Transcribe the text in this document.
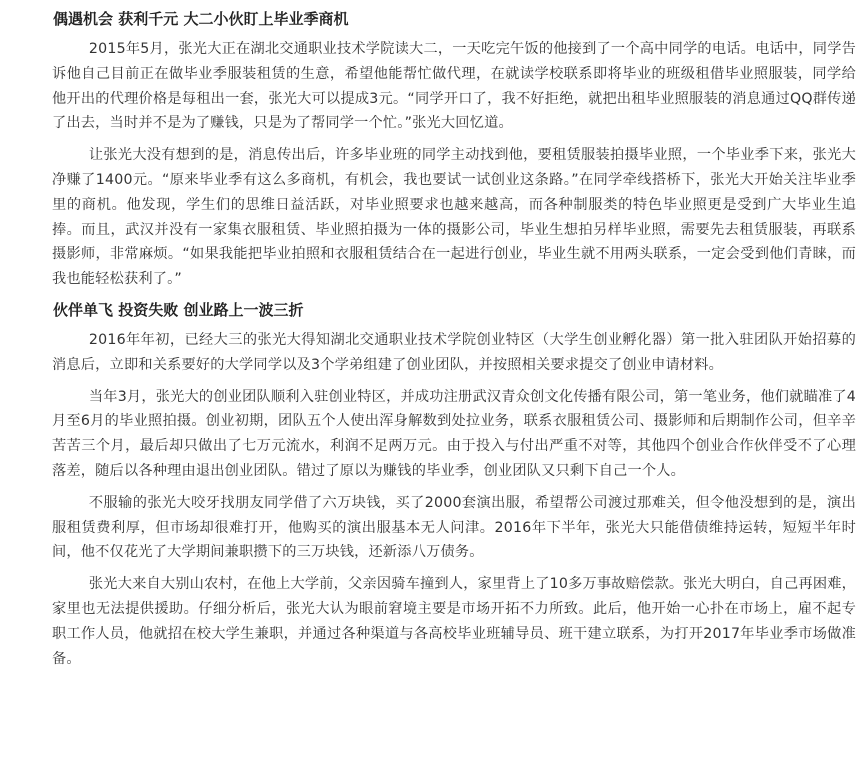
偶遇机会 获利千元 大二小伙盯上毕业季商机

2015年5月，张光大正在湖北交通职业技术学院读大二，一天吃完午饭的他接到了一个高中同学的电话。电话中，同学告诉他自己目前正在做毕业季服装租赁的生意，希望他能帮忙做代理，在就读学校联系即将毕业的班级租借毕业照服装，同学给他开出的代理价格是每租出一套，张光大可以提成3元。“同学开口了，我不好拒绝，就把出租毕业照服装的消息通过QQ群传递了出去，当时并不是为了赚钱，只是为了帮同学一个忙。”张光大回忆道。

让张光大没有想到的是，消息传出后，许多毕业班的同学主动找到他，要租赁服装拍摄毕业照，一个毕业季下来，张光大净赚了1400元。“原来毕业季有这么多商机，有机会，我也要试一试创业这条路。”在同学牵线搭桥下，张光大开始关注毕业季里的商机。他发现，学生们的思维日益活跃，对毕业照要求也越来越高，而各种制服类的特色毕业照更是受到广大毕业生追捧。而且，武汉并没有一家集衣服租赁、毕业照拍摄为一体的摄影公司，毕业生想拍另样毕业照，需要先去租赁服装，再联系摄影师，非常麻烦。“如果我能把毕业拍照和衣服租赁结合在一起进行创业，毕业生就不用两头联系，一定会受到他们青睐，而我也能轻松获利了。”

伙伴单飞 投资失败 创业路上一波三折

2016年年初，已经大三的张光大得知湖北交通职业技术学院创业特区（大学生创业孵化器）第一批入驻团队开始招募的消息后，立即和关系要好的大学同学以及3个学弟组建了创业团队，并按照相关要求提交了创业申请材料。

当年3月，张光大的创业团队顺利入驻创业特区，并成功注册武汉青众创文化传播有限公司，第一笔业务，他们就瞄准了4月至6月的毕业照拍摄。创业初期，团队五个人使出浑身解数到处拉业务，联系衣服租赁公司、摄影师和后期制作公司，但辛辛苦苦三个月，最后却只做出了七万元流水，利润不足两万元。由于投入与付出严重不对等，其他四个创业合作伙伴受不了心理落差，随后以各种理由退出创业团队。错过了原以为赚钱的毕业季，创业团队又只剩下自己一个人。

不服输的张光大咬牙找朋友同学借了六万块钱，买了2000套演出服，希望帮公司渡过那难关，但令他没想到的是，演出服租赁费利厚，但市场却很难打开，他购买的演出服基本无人问津。2016年下半年，张光大只能借债维持运转，短短半年时间，他不仅花光了大学期间兼职攒下的三万块钱，还新添八万债务。

张光大来自大别山农村，在他上大学前，父亲因骑车撞到人，家里背上了10多万事故赔偿款。张光大明白，自己再困难，家里也无法提供援助。仔细分析后，张光大认为眼前窘境主要是市场开拓不力所致。此后，他开始一心扑在市场上，雇不起专职工作人员，他就招在校大学生兼职，并通过各种渠道与各高校毕业班辅导员、班干建立联系，为打开2017年毕业季市场做准备。
